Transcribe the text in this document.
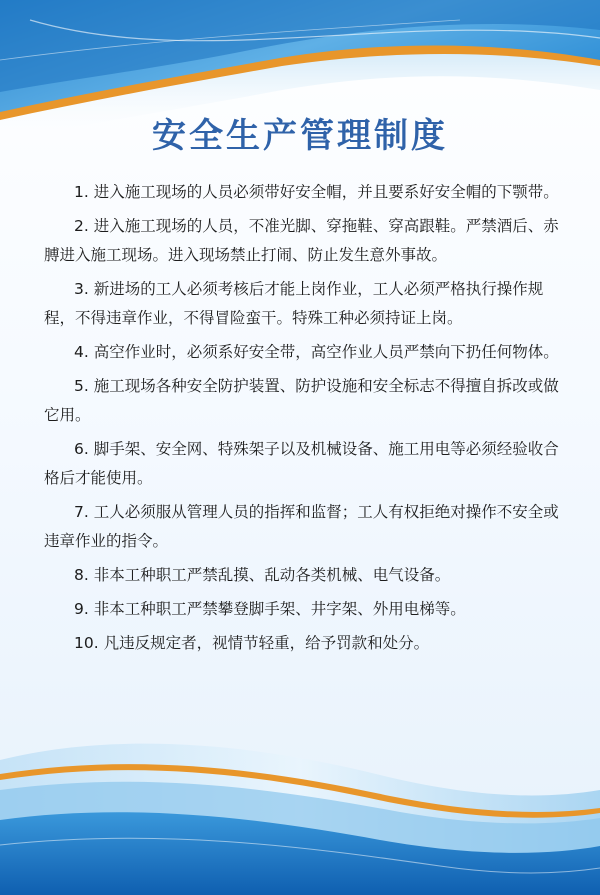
安全生产管理制度
1. 进入施工现场的人员必须带好安全帽，并且要系好安全帽的下颚带。
2. 进入施工现场的人员，不准光脚、穿拖鞋、穿高跟鞋。严禁酒后、赤膊进入施工现场。进入现场禁止打闹、防止发生意外事故。
3. 新进场的工人必须考核后才能上岗作业，工人必须严格执行操作规程，不得违章作业，不得冒险蛮干。特殊工种必须持证上岗。
4. 高空作业时，必须系好安全带，高空作业人员严禁向下扔任何物体。
5. 施工现场各种安全防护装置、防护设施和安全标志不得擅自拆改或做它用。
6. 脚手架、安全网、特殊架子以及机械设备、施工用电等必须经验收合格后才能使用。
7. 工人必须服从管理人员的指挥和监督；工人有权拒绝对操作不安全或违章作业的指令。
8. 非本工种职工严禁乱摸、乱动各类机械、电气设备。
9. 非本工种职工严禁攀登脚手架、井字架、外用电梯等。
10. 凡违反规定者，视情节轻重，给予罚款和处分。
